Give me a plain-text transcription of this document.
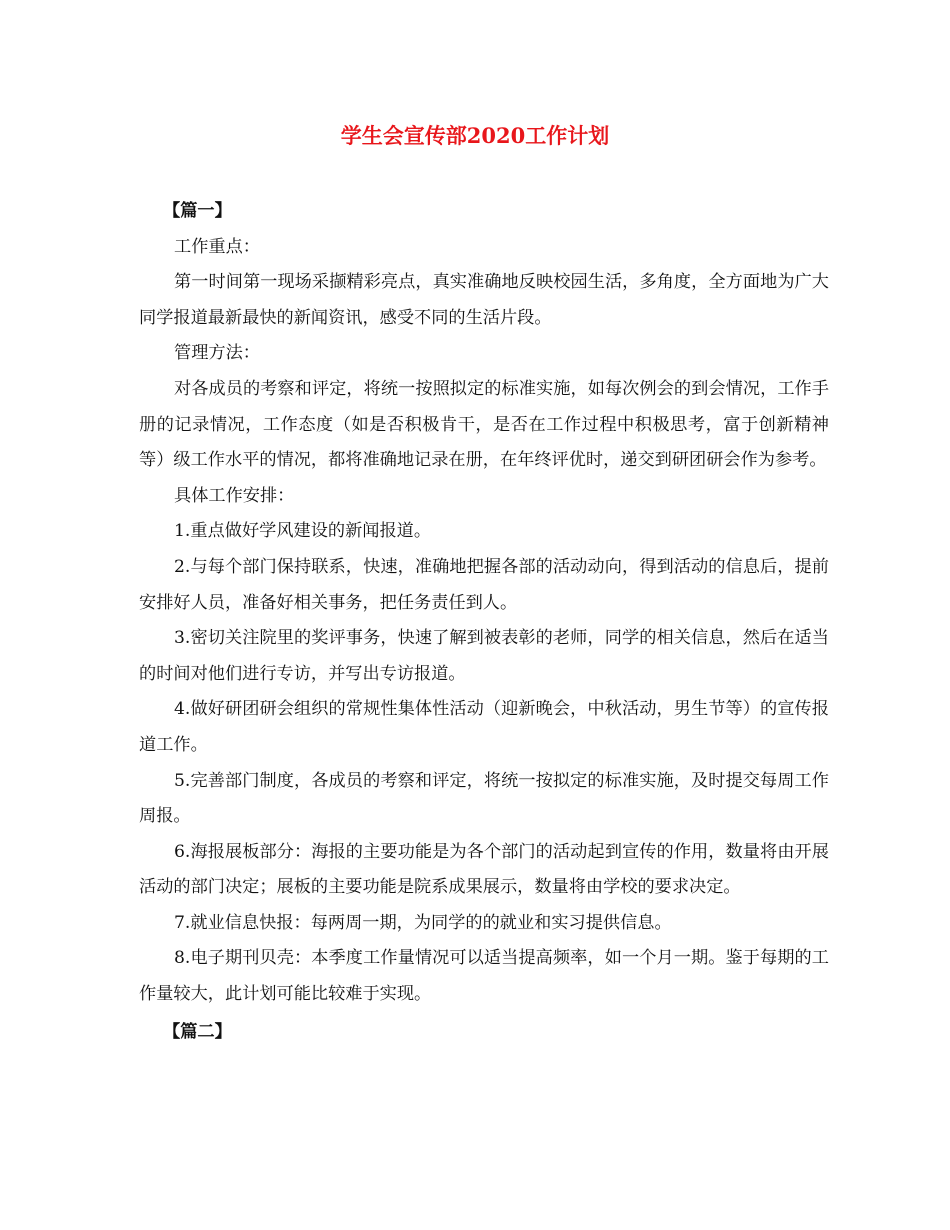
学生会宣传部2020工作计划

【篇一】

工作重点：

第一时间第一现场采撷精彩亮点，真实准确地反映校园生活，多角度，全方面地为广大同学报道最新最快的新闻资讯，感受不同的生活片段。

管理方法：

对各成员的考察和评定，将统一按照拟定的标准实施，如每次例会的到会情况，工作手册的记录情况，工作态度（如是否积极肯干，是否在工作过程中积极思考，富于创新精神等）级工作水平的情况，都将准确地记录在册，在年终评优时，递交到研团研会作为参考。

具体工作安排：

1.重点做好学风建设的新闻报道。

2.与每个部门保持联系，快速，准确地把握各部的活动动向，得到活动的信息后，提前安排好人员，准备好相关事务，把任务责任到人。

3.密切关注院里的奖评事务，快速了解到被表彰的老师，同学的相关信息，然后在适当的时间对他们进行专访，并写出专访报道。

4.做好研团研会组织的常规性集体性活动（迎新晚会，中秋活动，男生节等）的宣传报道工作。

5.完善部门制度，各成员的考察和评定，将统一按拟定的标准实施，及时提交每周工作周报。

6.海报展板部分：海报的主要功能是为各个部门的活动起到宣传的作用，数量将由开展活动的部门决定；展板的主要功能是院系成果展示，数量将由学校的要求决定。

7.就业信息快报：每两周一期，为同学的的就业和实习提供信息。

8.电子期刊贝壳：本季度工作量情况可以适当提高频率，如一个月一期。鉴于每期的工作量较大，此计划可能比较难于实现。

【篇二】
